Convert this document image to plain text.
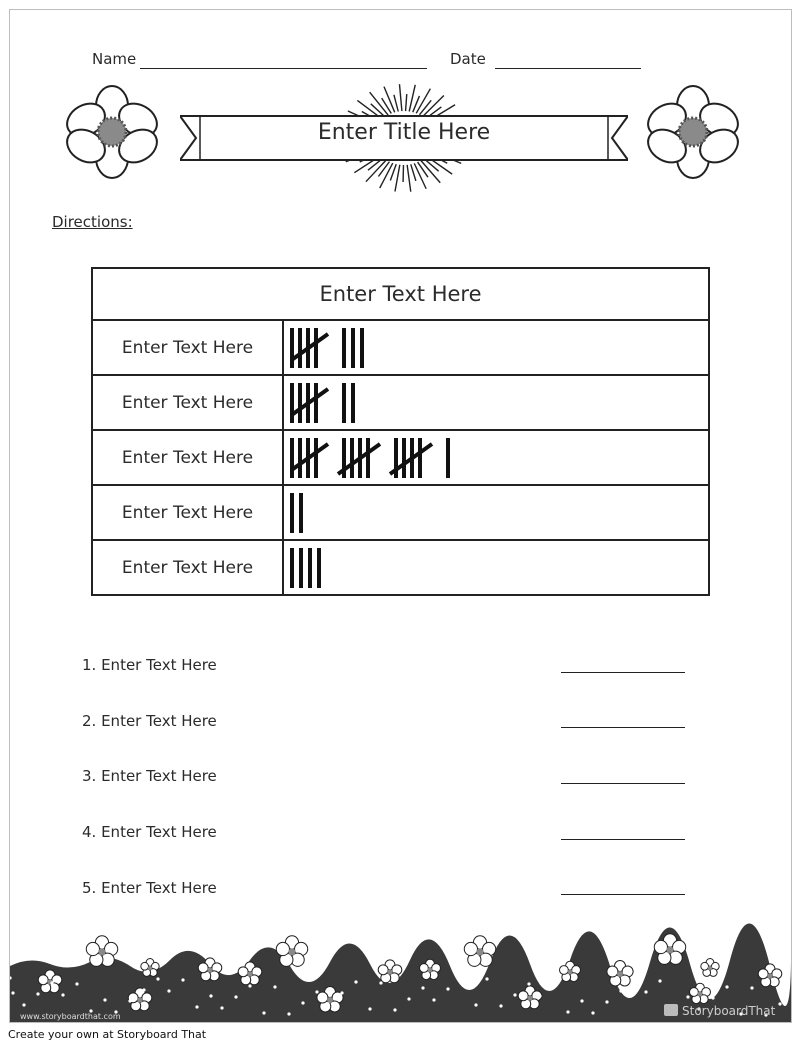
Name	Date
Enter Title Here
Directions:
Enter Text Here	
Enter Text Here	

Enter Text Here	

Enter Text Here	

Enter Text Here	

Enter Text Here	
1. Enter Text Here
2. Enter Text Here
3. Enter Text Here
4. Enter Text Here
5. Enter Text Here
www.storyboardthat.com	StoryboardThat
Create your own at Storyboard That
